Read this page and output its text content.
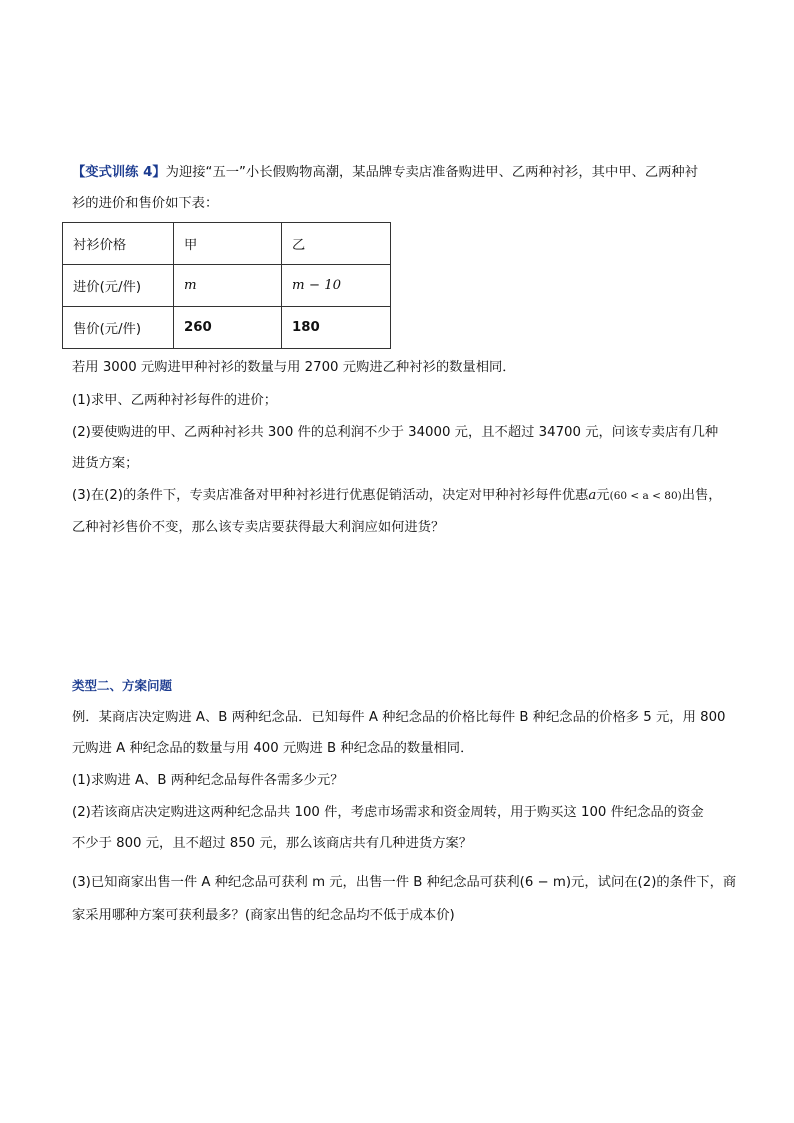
【变式训练 4】为迎接“五一”小长假购物高潮，某品牌专卖店准备购进甲、乙两种衬衫，其中甲、乙两种衬
衫的进价和售价如下表：
衬衫价格	甲	乙
进价(元/件)	m	m − 10
售价(元/件)	260	180
若用 3000 元购进甲种衬衫的数量与用 2700 元购进乙种衬衫的数量相同．
(1)求甲、乙两种衬衫每件的进价；
(2)要使购进的甲、乙两种衬衫共 300 件的总利润不少于 34000 元，且不超过 34700 元，问该专卖店有几种
进货方案；
(3)在(2)的条件下，专卖店准备对甲种衬衫进行优惠促销活动，决定对甲种衬衫每件优惠a元(60 < a < 80)出售，
乙种衬衫售价不变，那么该专卖店要获得最大利润应如何进货？
类型二、方案问题
例．某商店决定购进 A、B 两种纪念品．已知每件 A 种纪念品的价格比每件 B 种纪念品的价格多 5 元，用 800
元购进 A 种纪念品的数量与用 400 元购进 B 种纪念品的数量相同．
(1)求购进 A、B 两种纪念品每件各需多少元？
(2)若该商店决定购进这两种纪念品共 100 件，考虑市场需求和资金周转，用于购买这 100 件纪念品的资金
不少于 800 元，且不超过 850 元，那么该商店共有几种进货方案？
(3)已知商家出售一件 A 种纪念品可获利 m 元，出售一件 B 种纪念品可获利(6 − m)元，试问在(2)的条件下，商
家采用哪种方案可获利最多？(商家出售的纪念品均不低于成本价)
